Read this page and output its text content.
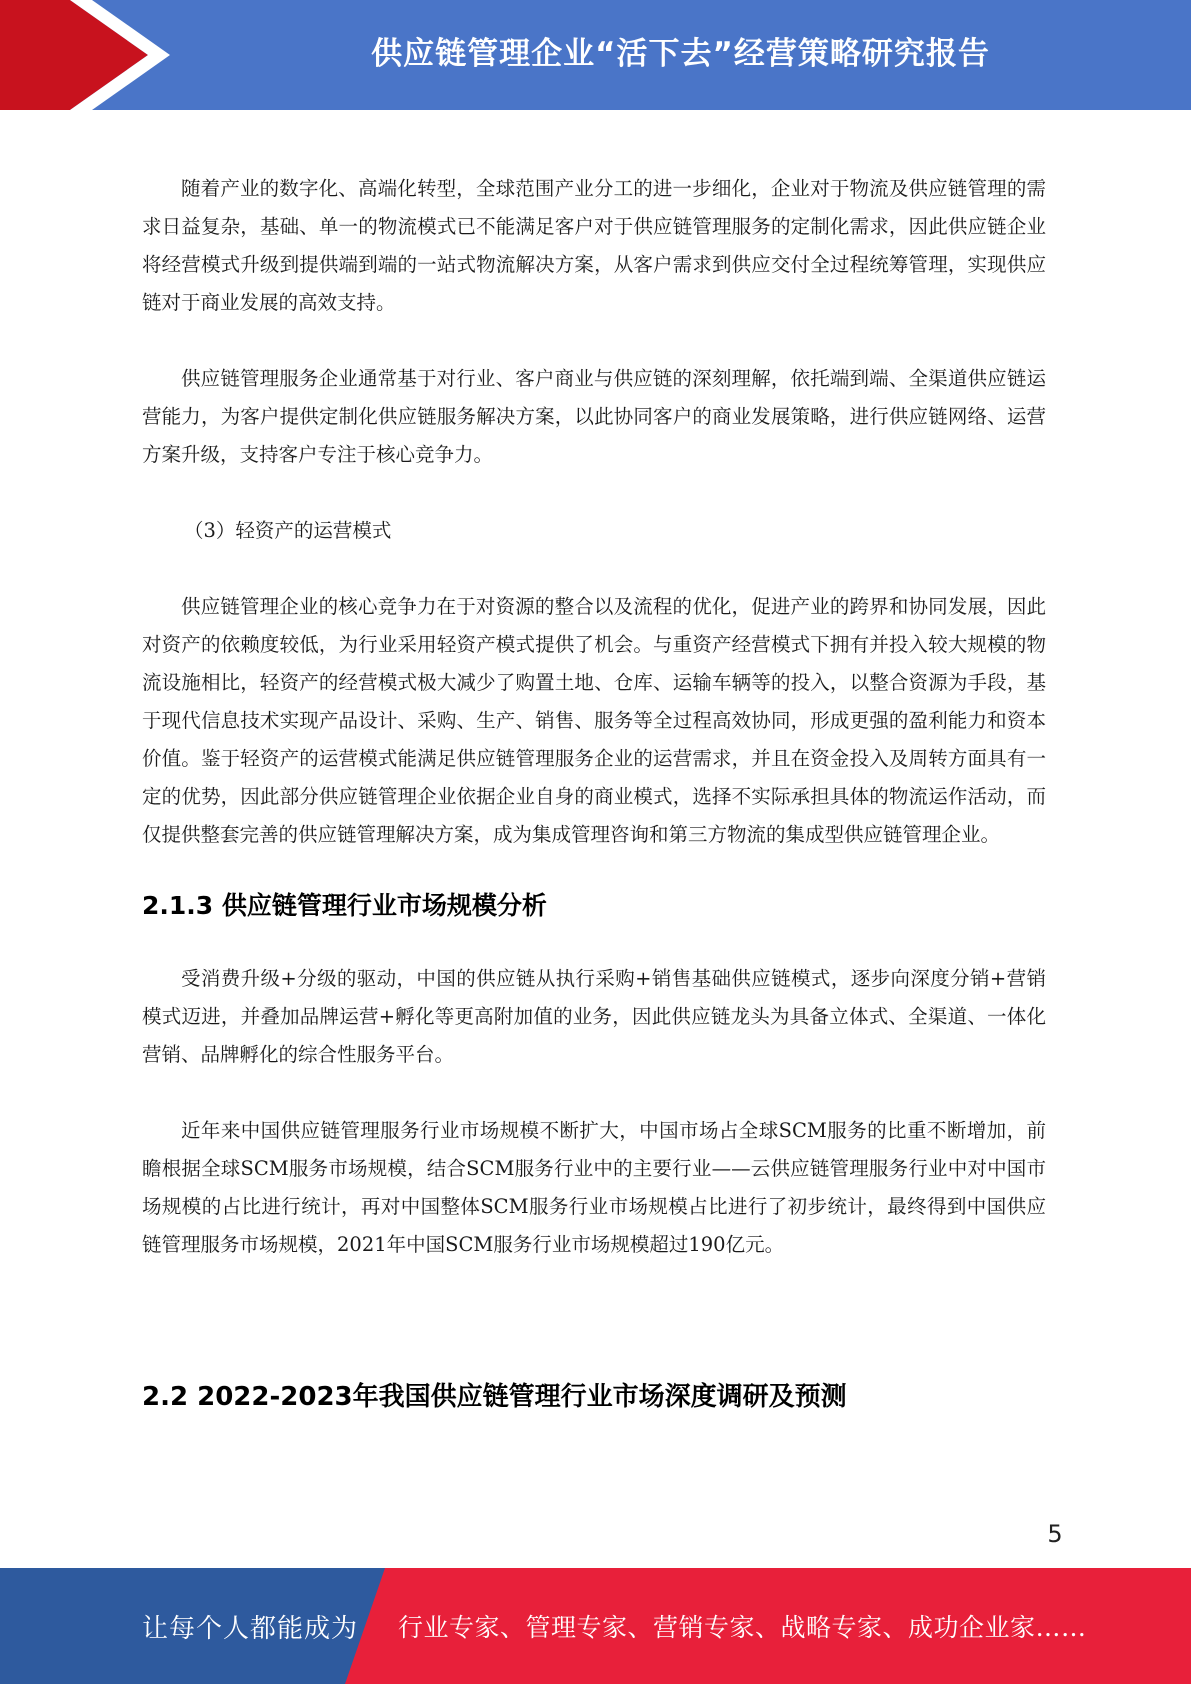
供应链管理企业“活下去”经营策略研究报告

随着产业的数字化、高端化转型，全球范围产业分工的进一步细化，企业对于物流及供应链管理的需求日益复杂，基础、单一的物流模式已不能满足客户对于供应链管理服务的定制化需求，因此供应链企业将经营模式升级到提供端到端的一站式物流解决方案，从客户需求到供应交付全过程统筹管理，实现供应链对于商业发展的高效支持。

供应链管理服务企业通常基于对行业、客户商业与供应链的深刻理解，依托端到端、全渠道供应链运营能力，为客户提供定制化供应链服务解决方案，以此协同客户的商业发展策略，进行供应链网络、运营方案升级，支持客户专注于核心竞争力。

（3）轻资产的运营模式

供应链管理企业的核心竞争力在于对资源的整合以及流程的优化，促进产业的跨界和协同发展，因此对资产的依赖度较低，为行业采用轻资产模式提供了机会。与重资产经营模式下拥有并投入较大规模的物流设施相比，轻资产的经营模式极大减少了购置土地、仓库、运输车辆等的投入，以整合资源为手段，基于现代信息技术实现产品设计、采购、生产、销售、服务等全过程高效协同，形成更强的盈利能力和资本价值。鉴于轻资产的运营模式能满足供应链管理服务企业的运营需求，并且在资金投入及周转方面具有一定的优势，因此部分供应链管理企业依据企业自身的商业模式，选择不实际承担具体的物流运作活动，而仅提供整套完善的供应链管理解决方案，成为集成管理咨询和第三方物流的集成型供应链管理企业。

2.1.3 供应链管理行业市场规模分析

受消费升级+分级的驱动，中国的供应链从执行采购+销售基础供应链模式，逐步向深度分销+营销模式迈进，并叠加品牌运营+孵化等更高附加值的业务，因此供应链龙头为具备立体式、全渠道、一体化营销、品牌孵化的综合性服务平台。

近年来中国供应链管理服务行业市场规模不断扩大，中国市场占全球SCM服务的比重不断增加，前瞻根据全球SCM服务市场规模，结合SCM服务行业中的主要行业——云供应链管理服务行业中对中国市场规模的占比进行统计，再对中国整体SCM服务行业市场规模占比进行了初步统计，最终得到中国供应链管理服务市场规模，2021年中国SCM服务行业市场规模超过190亿元。

2.2 2022-2023年我国供应链管理行业市场深度调研及预测
5
让每个人都能成为 行业专家、管理专家、营销专家、战略专家、成功企业家……
